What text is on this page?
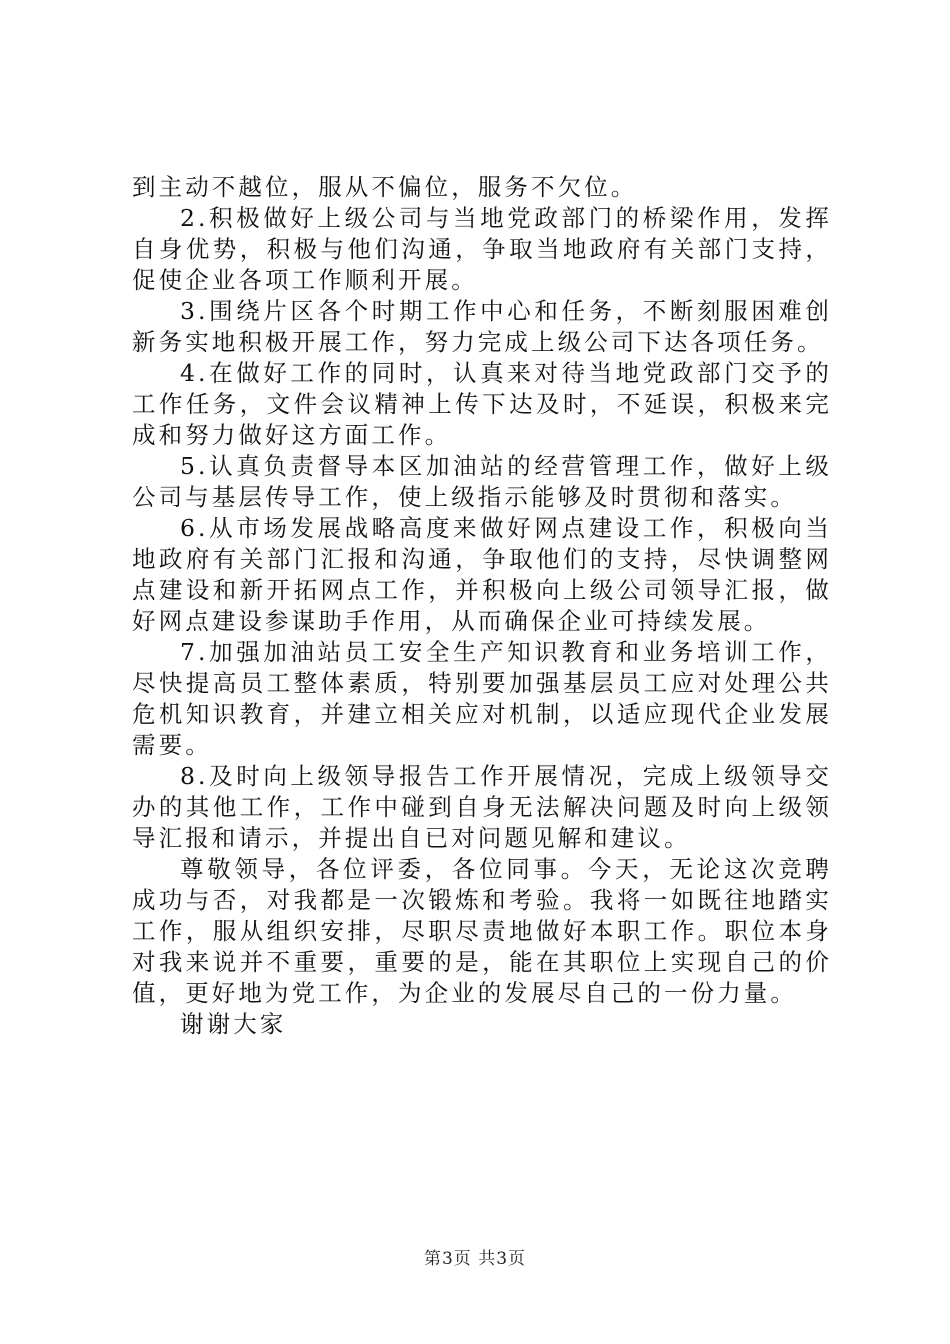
到主动不越位，服从不偏位，服务不欠位。

2.积极做好上级公司与当地党政部门的桥梁作用，发挥自身优势，积极与他们沟通，争取当地政府有关部门支持，促使企业各项工作顺利开展。

3.围绕片区各个时期工作中心和任务，不断刻服困难创新务实地积极开展工作，努力完成上级公司下达各项任务。

4.在做好工作的同时，认真来对待当地党政部门交予的工作任务，文件会议精神上传下达及时，不延误，积极来完成和努力做好这方面工作。

5.认真负责督导本区加油站的经营管理工作，做好上级公司与基层传导工作，使上级指示能够及时贯彻和落实。

6.从市场发展战略高度来做好网点建设工作，积极向当地政府有关部门汇报和沟通，争取他们的支持，尽快调整网点建设和新开拓网点工作，并积极向上级公司领导汇报，做好网点建设参谋助手作用，从而确保企业可持续发展。

7.加强加油站员工安全生产知识教育和业务培训工作，尽快提高员工整体素质，特别要加强基层员工应对处理公共危机知识教育，并建立相关应对机制，以适应现代企业发展需要。

8.及时向上级领导报告工作开展情况，完成上级领导交办的其他工作，工作中碰到自身无法解决问题及时向上级领导汇报和请示，并提出自已对问题见解和建议。

尊敬领导，各位评委，各位同事。今天，无论这次竞聘成功与否，对我都是一次锻炼和考验。我将一如既往地踏实工作，服从组织安排，尽职尽责地做好本职工作。职位本身对我来说并不重要，重要的是，能在其职位上实现自己的价值，更好地为党工作，为企业的发展尽自己的一份力量。

谢谢大家

第3页 共3页
